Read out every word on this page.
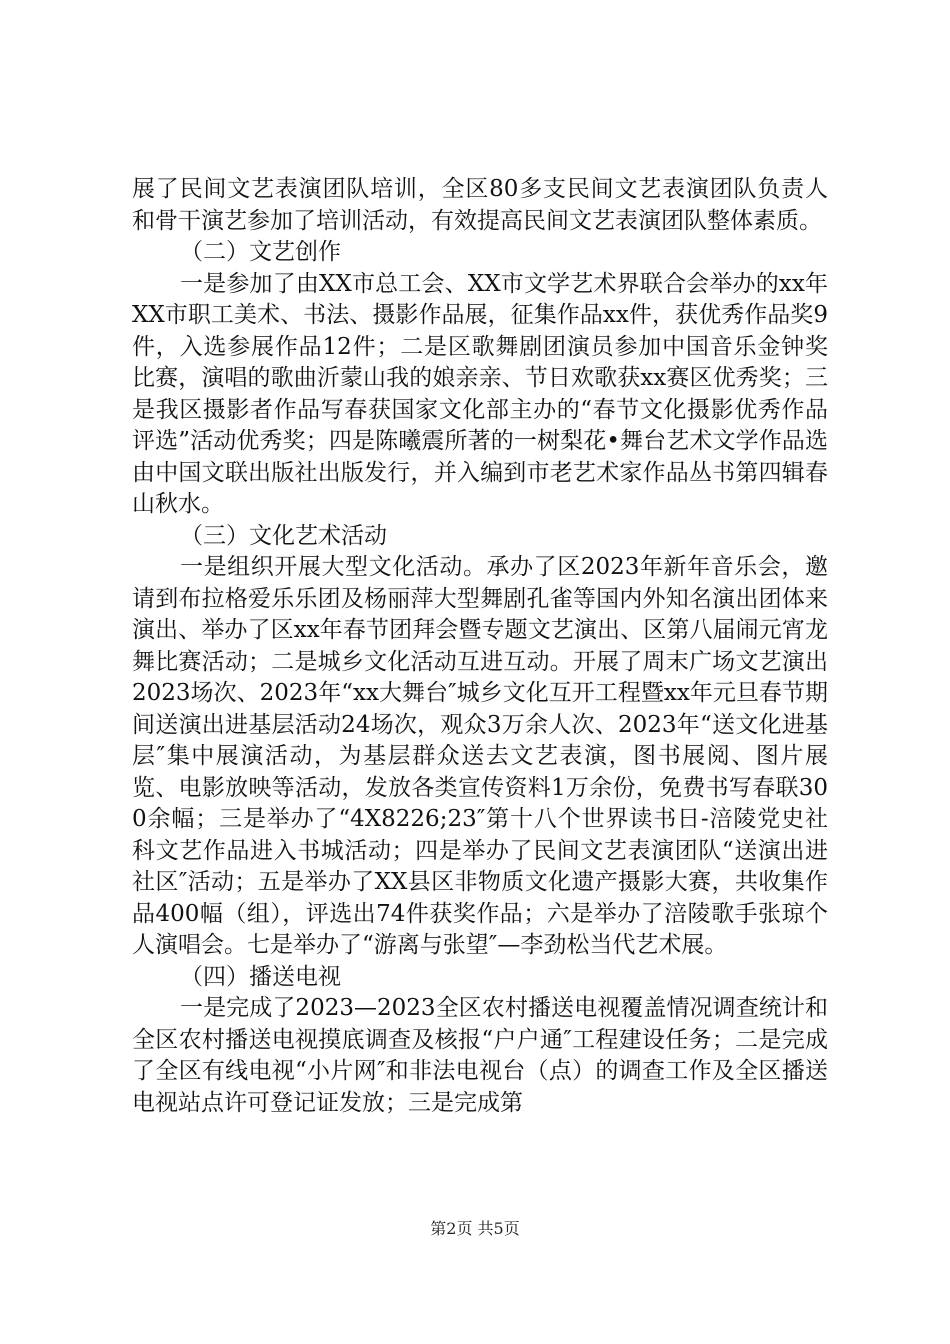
展了民间文艺表演团队培训，全区80多支民间文艺表演团队负责人和骨干演艺参加了培训活动，有效提高民间文艺表演团队整体素质。

（二）文艺创作

一是参加了由XX市总工会、XX市文学艺术界联合会举办的xx年XX市职工美术、书法、摄影作品展，征集作品xx件，获优秀作品奖9件，入选参展作品12件；二是区歌舞剧团演员参加中国音乐金钟奖比赛，演唱的歌曲沂蒙山我的娘亲亲、节日欢歌获xx赛区优秀奖；三是我区摄影者作品写春获国家文化部主办的“春节文化摄影优秀作品评选”活动优秀奖；四是陈曦震所著的一树梨花•舞台艺术文学作品选由中国文联出版社出版发行，并入编到市老艺术家作品丛书第四辑春山秋水。

（三）文化艺术活动

一是组织开展大型文化活动。承办了区2023年新年音乐会，邀请到布拉格爱乐乐团及杨丽萍大型舞剧孔雀等国内外知名演出团体来演出、举办了区xx年春节团拜会暨专题文艺演出、区第八届闹元宵龙舞比赛活动；二是城乡文化活动互进互动。开展了周末广场文艺演出2023场次、2023年“xx大舞台″城乡文化互开工程暨xx年元旦春节期间送演出进基层活动24场次，观众3万余人次、2023年“送文化进基层″集中展演活动，为基层群众送去文艺表演，图书展阅、图片展览、电影放映等活动，发放各类宣传资料1万余份，免费书写春联300余幅；三是举办了“4X8226;23″第十八个世界读书日-涪陵党史社科文艺作品进入书城活动；四是举办了民间文艺表演团队“送演出进社区″活动；五是举办了XX县区非物质文化遗产摄影大赛，共收集作品400幅（组），评选出74件获奖作品；六是举办了涪陵歌手张琼个人演唱会。七是举办了“游离与张望″—李劲松当代艺术展。

（四）播送电视

一是完成了2023—2023全区农村播送电视覆盖情况调查统计和全区农村播送电视摸底调查及核报“户户通″工程建设任务；二是完成了全区有线电视“小片网″和非法电视台（点）的调查工作及全区播送电视站点许可登记证发放；三是完成第

第2页 共5页
